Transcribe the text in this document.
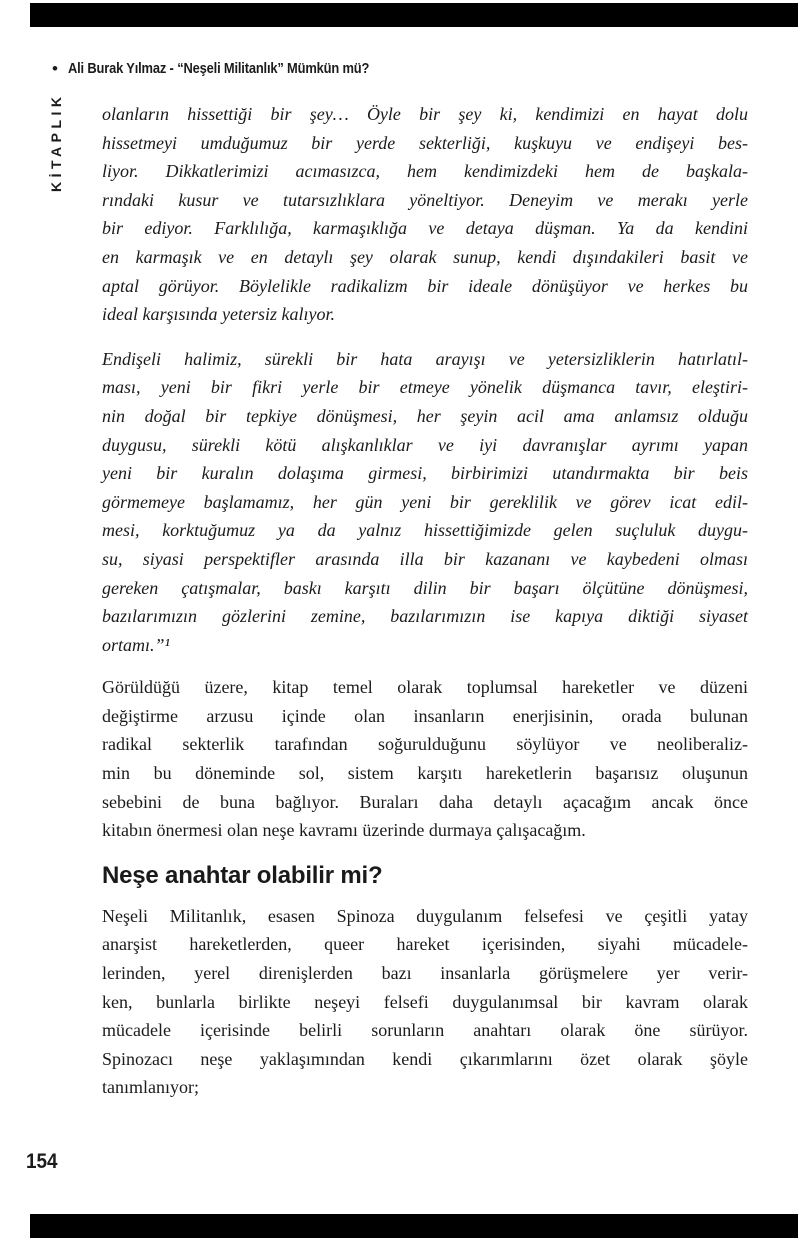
• Ali Burak Yılmaz - “Neşeli Militanlık” Mümkün mü?
KİTAPLIK olanların hissettiği bir şey… Öyle bir şey ki, kendimizi en hayat dolu
hissetmeyi umduğumuz bir yerde sekterliği, kuşkuyu ve endişeyi bes-
liyor. Dikkatlerimizi acımasızca, hem kendimizdeki hem de başkala-
rındaki kusur ve tutarsızlıklara yöneltiyor. Deneyim ve merakı yerle
bir ediyor. Farklılığa, karmaşıklığa ve detaya düşman. Ya da kendini
en karmaşık ve en detaylı şey olarak sunup, kendi dışındakileri basit ve
aptal görüyor. Böylelikle radikalizm bir ideale dönüşüyor ve herkes bu
ideal karşısında yetersiz kalıyor.

Endişeli halimiz, sürekli bir hata arayışı ve yetersizliklerin hatırlatıl-
ması, yeni bir fikri yerle bir etmeye yönelik düşmanca tavır, eleştiri-
nin doğal bir tepkiye dönüşmesi, her şeyin acil ama anlamsız olduğu
duygusu, sürekli kötü alışkanlıklar ve iyi davranışlar ayrımı yapan
yeni bir kuralın dolaşıma girmesi, birbirimizi utandırmakta bir beis
görmemeye başlamamız, her gün yeni bir gereklilik ve görev icat edil-
mesi, korktuğumuz ya da yalnız hissettiğimizde gelen suçluluk duygu-
su, siyasi perspektifler arasında illa bir kazananı ve kaybedeni olması
gereken çatışmalar, baskı karşıtı dilin bir başarı ölçütüne dönüşmesi,
bazılarımızın gözlerini zemine, bazılarımızın ise kapıya diktiği siyaset
ortamı.”¹

Görüldüğü üzere, kitap temel olarak toplumsal hareketler ve düzeni
değiştirme arzusu içinde olan insanların enerjisinin, orada bulunan
radikal sekterlik tarafından soğurulduğunu söylüyor ve neoliberaliz-
min bu döneminde sol, sistem karşıtı hareketlerin başarısız oluşunun
sebebini de buna bağlıyor. Buraları daha detaylı açacağım ancak önce
kitabın önermesi olan neşe kavramı üzerinde durmaya çalışacağım.

Neşe anahtar olabilir mi?

Neşeli Militanlık, esasen Spinoza duygulanım felsefesi ve çeşitli yatay
anarşist hareketlerden, queer hareket içerisinden, siyahi mücadele-
lerinden, yerel direnişlerden bazı insanlarla görüşmelere yer verir-
ken, bunlarla birlikte neşeyi felsefi duygulanımsal bir kavram olarak
mücadele içerisinde belirli sorunların anahtarı olarak öne sürüyor.
Spinozacı neşe yaklaşımından kendi çıkarımlarını özet olarak şöyle
tanımlanıyor;

154
